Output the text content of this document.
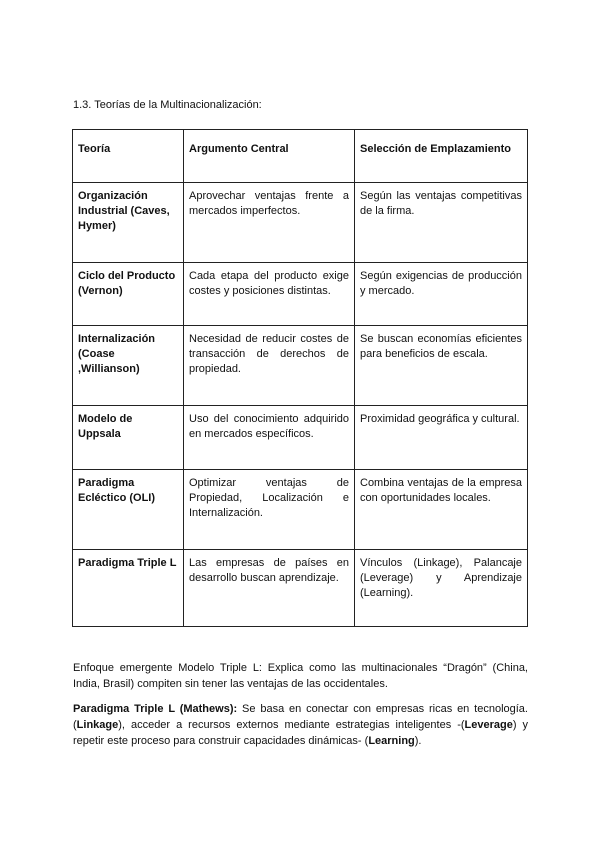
1.3. Teorías de la Multinacionalización:
Teoría	Argumento Central	Selección de Emplazamiento
Organización Industrial (Caves, Hymer)	Aprovechar ventajas frente a mercados imperfectos.	Según las ventajas competitivas de la firma.
Ciclo del Producto (Vernon)	Cada etapa del producto exige costes y posiciones distintas.	Según exigencias de producción y mercado.
Internalización (Coase ,Willianson)	Necesidad de reducir costes de transacción de derechos de propiedad.	Se buscan economías eficientes para beneficios de escala.
Modelo de Uppsala	Uso del conocimiento adquirido en mercados específicos.	Proximidad geográfica y cultural.
Paradigma Ecléctico (OLI)	Optimizar ventajas de Propiedad, Localización e Internalización.	Combina ventajas de la empresa con oportunidades locales.
Paradigma Triple L	Las empresas de países en desarrollo buscan aprendizaje.	Vínculos (Linkage), Palancaje (Leverage) y Aprendizaje (Learning).
Enfoque emergente Modelo Triple L: Explica como las multinacionales “Dragón” (China, India, Brasil) compiten sin tener las ventajas de las occidentales.
Paradigma Triple L (Mathews): Se basa en conectar con empresas ricas en tecnología. (Linkage), acceder a recursos externos mediante estrategias inteligentes -(Leverage) y repetir este proceso para construir capacidades dinámicas- (Learning).
